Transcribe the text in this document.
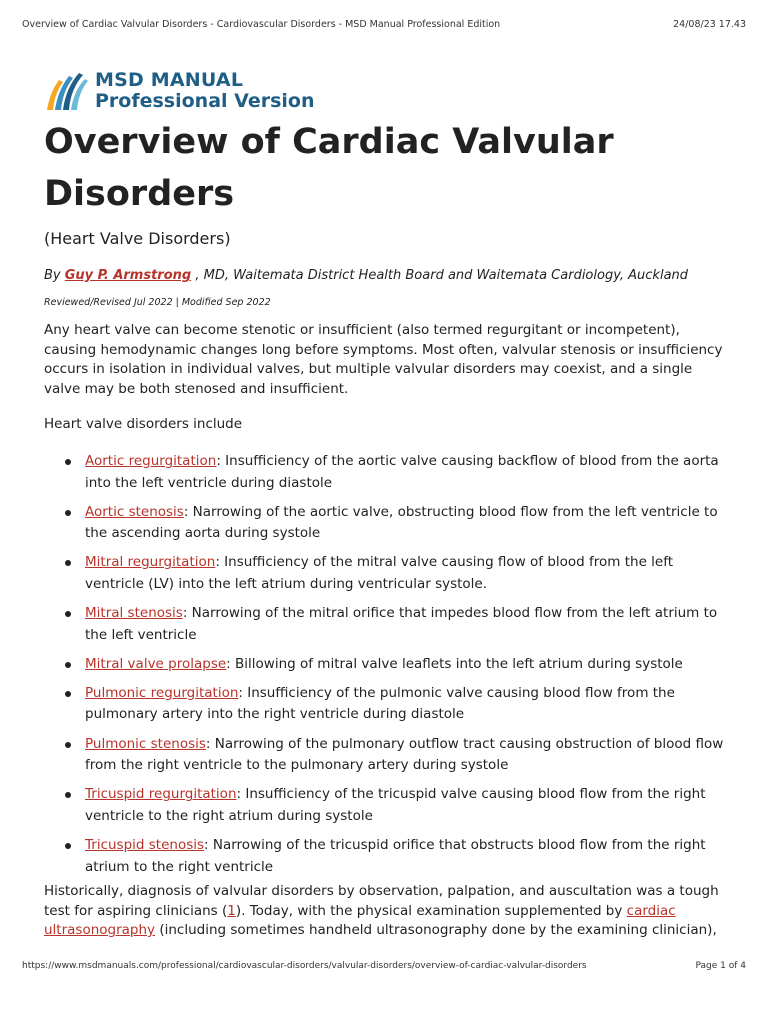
Overview of Cardiac Valvular Disorders - Cardiovascular Disorders - MSD Manual Professional Edition	24/08/23 17.43
MSD MANUAL
Professional Version
Overview of Cardiac Valvular Disorders

(Heart Valve Disorders)

By Guy P. Armstrong , MD, Waitemata District Health Board and Waitemata Cardiology, Auckland

Reviewed/Revised Jul 2022 | Modified Sep 2022

Any heart valve can become stenotic or insufficient (also termed regurgitant or incompetent), causing hemodynamic changes long before symptoms. Most often, valvular stenosis or insufficiency occurs in isolation in individual valves, but multiple valvular disorders may coexist, and a single valve may be both stenosed and insufficient.

Heart valve disorders include

Aortic regurgitation: Insufficiency of the aortic valve causing backflow of blood from the aorta into the left ventricle during diastole
Aortic stenosis: Narrowing of the aortic valve, obstructing blood flow from the left ventricle to the ascending aorta during systole
Mitral regurgitation: Insufficiency of the mitral valve causing flow of blood from the left ventricle (LV) into the left atrium during ventricular systole.
Mitral stenosis: Narrowing of the mitral orifice that impedes blood flow from the left atrium to the left ventricle
Mitral valve prolapse: Billowing of mitral valve leaflets into the left atrium during systole
Pulmonic regurgitation: Insufficiency of the pulmonic valve causing blood flow from the pulmonary artery into the right ventricle during diastole
Pulmonic stenosis: Narrowing of the pulmonary outflow tract causing obstruction of blood flow from the right ventricle to the pulmonary artery during systole
Tricuspid regurgitation: Insufficiency of the tricuspid valve causing blood flow from the right ventricle to the right atrium during systole
Tricuspid stenosis: Narrowing of the tricuspid orifice that obstructs blood flow from the right atrium to the right ventricle

Historically, diagnosis of valvular disorders by observation, palpation, and auscultation was a tough test for aspiring clinicians (1). Today, with the physical examination supplemented by cardiac ultrasonography (including sometimes handheld ultrasonography done by the examining clinician),

https://www.msdmanuals.com/professional/cardiovascular-disorders/valvular-disorders/overview-of-cardiac-valvular-disorders	Page 1 of 4
